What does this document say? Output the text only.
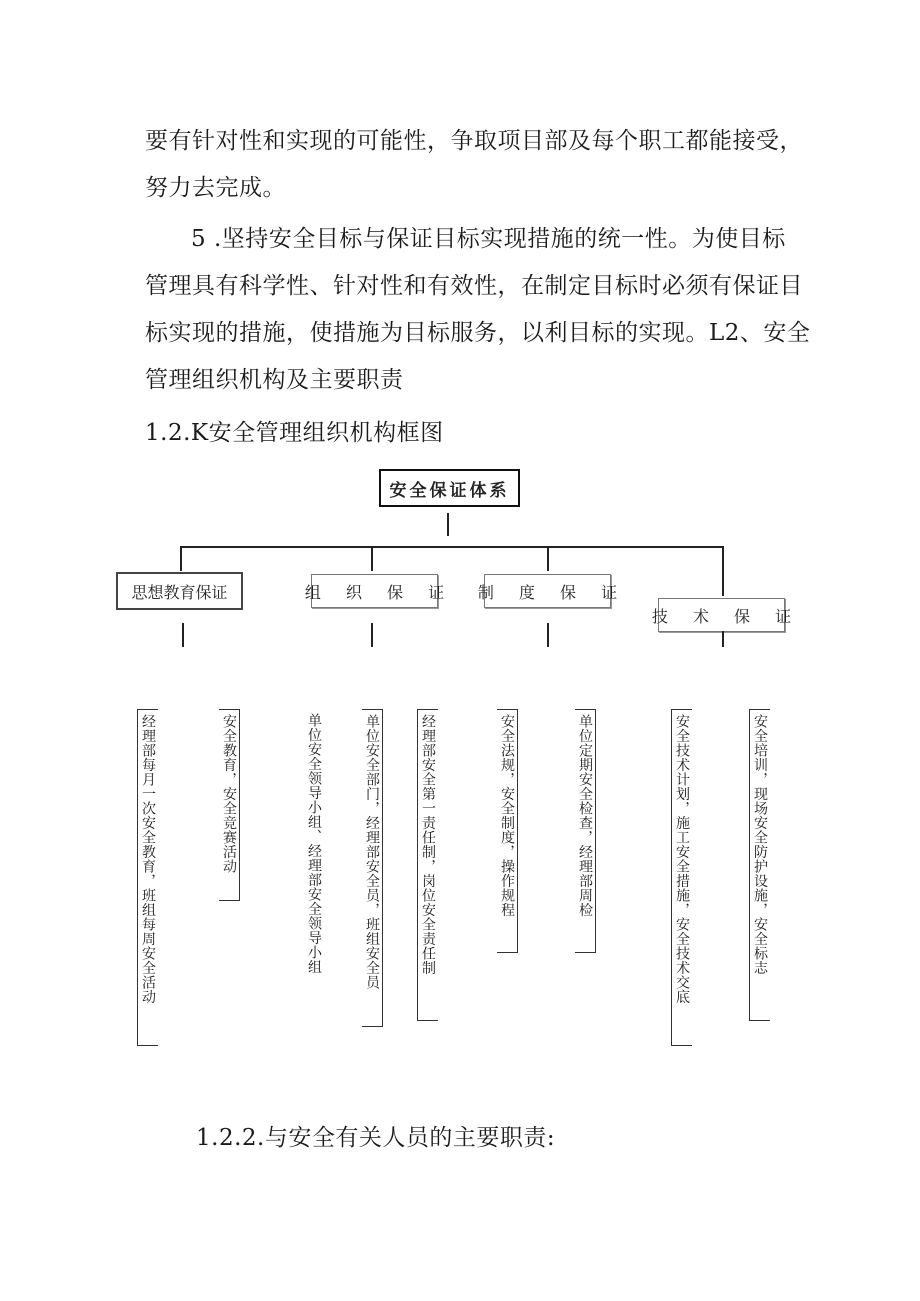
要有针对性和实现的可能性，争取项目部及每个职工都能接受，
努力去完成。

5 .坚持安全目标与保证目标实现措施的统一性。为使目标
管理具有科学性、针对性和有效性，在制定目标时必须有保证目
标实现的措施，使措施为目标服务，以利目标的实现。L2、安全
管理组织机构及主要职责

1.2.K安全管理组织机构框图

安全保证体系
思想教育保证	组 织 保 证 制 度 保 证
技 术 保 证
经理部每月一次安全教育，班组每周安全活动	安全教育，安全竞赛活动	单位安全领导小组、经理部安全领导小组	单位安全部门，经理部安全员，班组安全员	经理部安全第一责任制，岗位安全责任制	安全法规，安全制度，操作规程	单位定期安全检查，经理部周检	安全技术计划，施工安全措施，安全技术交底	安全培训，现场安全防护设施，安全标志

1.2.2.与安全有关人员的主要职责:
